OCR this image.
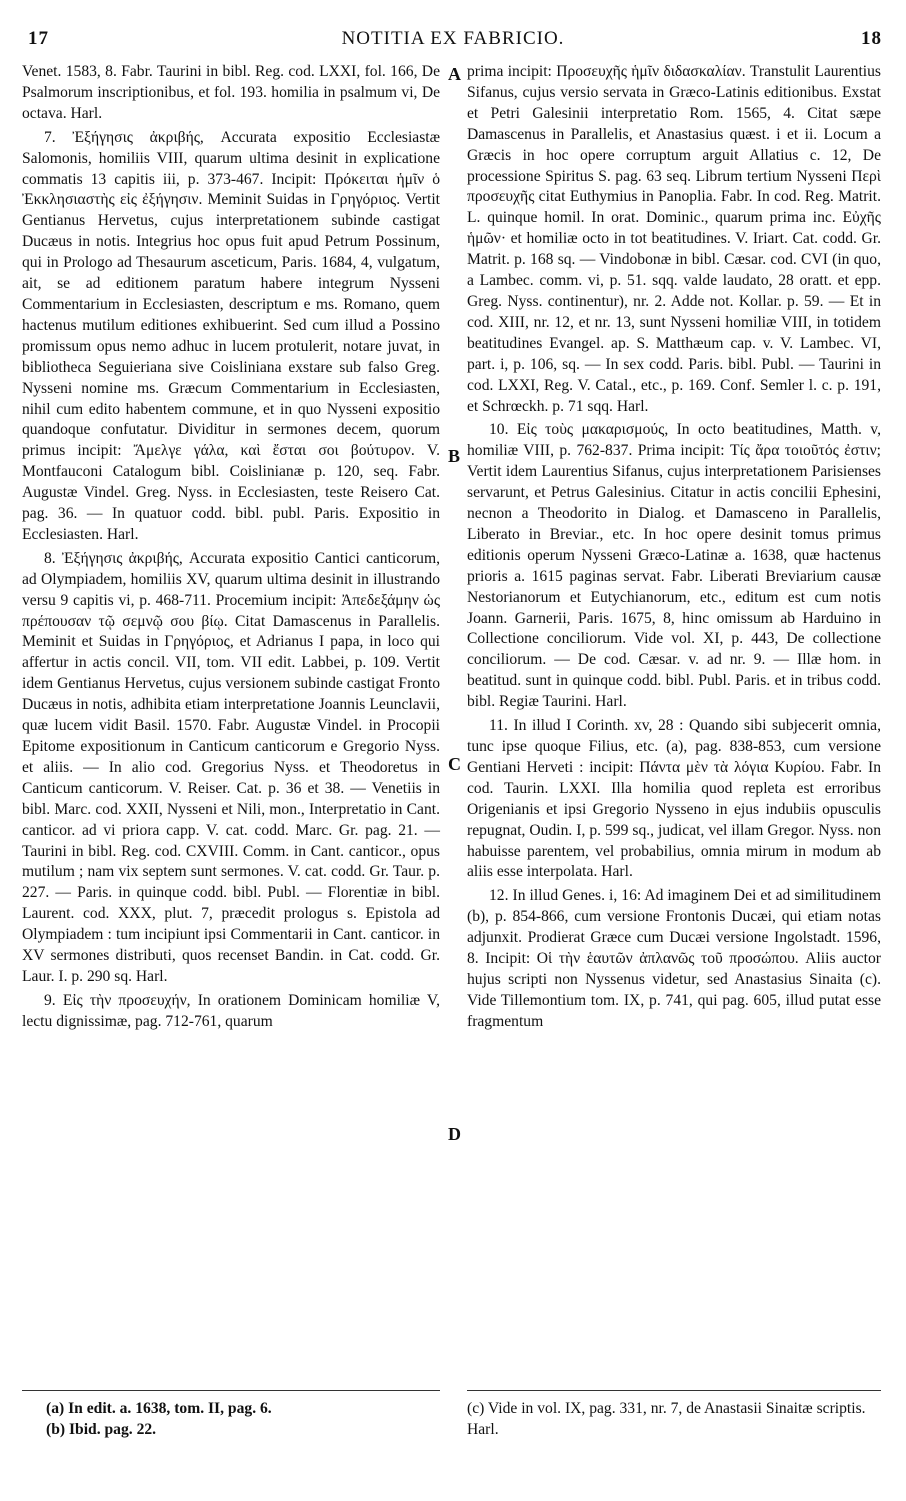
17	NOTITIA EX FABRICIO.	18

Venet. 1583, 8. Fabr. Taurini in bibl. Reg. cod. LXXI, fol. 166, De Psalmorum inscriptionibus, et fol. 193. homilia in psalmum vi, De octava. Harl.

7. Ἐξήγησις ἀκριβής, Accurata expositio Ecclesiastæ Salomonis, homiliis VIII, quarum ultima desinit in explicatione commatis 13 capitis iii, p. 373-467. Incipit: Πρόκειται ἡμῖν ὁ Ἐκκλησιαστὴς εἰς ἐξήγησιν. Meminit Suidas in Γρηγόριος. Vertit Gentianus Hervetus, cujus interpretationem subinde castigat Ducæus in notis. Integrius hoc opus fuit apud Petrum Possinum, qui in Prologo ad Thesaurum asceticum, Paris. 1684, 4, vulgatum, ait, se ad editionem paratum habere integrum Nysseni Commentarium in Ecclesiasten, descriptum e ms. Romano, quem hactenus mutilum editiones exhibuerint. Sed cum illud a Possino promissum opus nemo adhuc in lucem protulerit, notare juvat, in bibliotheca Seguieriana sive Coisliniana exstare sub falso Greg. Nysseni nomine ms. Græcum Commentarium in Ecclesiasten, nihil cum edito habentem commune, et in quo Nysseni expositio quandoque confutatur. Dividitur in sermones decem, quorum primus incipit: Ἄμελγε γάλα, καὶ ἔσται σοι βούτυρον. V. Montfauconi Catalogum bibl. Coislinianæ p. 120, seq. Fabr. Augustæ Vindel. Greg. Nyss. in Ecclesiasten, teste Reisero Cat. pag. 36. — In quatuor codd. bibl. publ. Paris. Expositio in Ecclesiasten. Harl.

8. Ἐξήγησις ἀκριβής, Accurata expositio Cantici canticorum, ad Olympiadem, homiliis XV, quarum ultima desinit in illustrando versu 9 capitis vi, p. 468-711. Procemium incipit: Ἀπεδεξάμην ὡς πρέπουσαν τῷ σεμνῷ σου βίῳ. Citat Damascenus in Parallelis. Meminit et Suidas in Γρηγόριος, et Adrianus I papa, in loco qui affertur in actis concil. VII, tom. VII edit. Labbei, p. 109. Vertit idem Gentianus Hervetus, cujus versionem subinde castigat Fronto Ducæus in notis, adhibita etiam interpretatione Joannis Leunclavii, quæ lucem vidit Basil. 1570. Fabr. Augustæ Vindel. in Procopii Epitome expositionum in Canticum canticorum e Gregorio Nyss. et aliis. — In alio cod. Gregorius Nyss. et Theodoretus in Canticum canticorum. V. Reiser. Cat. p. 36 et 38. — Venetiis in bibl. Marc. cod. XXII, Nysseni et Nili, mon., Interpretatio in Cant. canticor. ad vi priora capp. V. cat. codd. Marc. Gr. pag. 21. — Taurini in bibl. Reg. cod. CXVIII. Comm. in Cant. canticor., opus mutilum ; nam vix septem sunt sermones. V. cat. codd. Gr. Taur. p. 227. — Paris. in quinque codd. bibl. Publ. — Florentiæ in bibl. Laurent. cod. XXX, plut. 7, præcedit prologus s. Epistola ad Olympiadem : tum incipiunt ipsi Commentarii in Cant. canticor. in XV sermones distributi, quos recenset Bandin. in Cat. codd. Gr. Laur. I. p. 290 sq. Harl.

9. Εἰς τὴν προσευχήν, In orationem Dominicam homiliæ V, lectu dignissimæ, pag. 712-761, quarum

A
B
C
D

prima incipit: Προσευχῆς ἡμῖν διδασκαλίαν. Transtulit Laurentius Sifanus, cujus versio servata in Græco-Latinis editionibus. Exstat et Petri Galesinii interpretatio Rom. 1565, 4. Citat sæpe Damascenus in Parallelis, et Anastasius quæst. i et ii. Locum a Græcis in hoc opere corruptum arguit Allatius c. 12, De processione Spiritus S. pag. 63 seq. Librum tertium Nysseni Περὶ προσευχῆς citat Euthymius in Panoplia. Fabr. In cod. Reg. Matrit. L. quinque homil. In orat. Dominic., quarum prima inc. Εὐχῆς ἡμῶν· et homiliæ octo in tot beatitudines. V. Iriart. Cat. codd. Gr. Matrit. p. 168 sq. — Vindobonæ in bibl. Cæsar. cod. CVI (in quo, a Lambec. comm. vi, p. 51. sqq. valde laudato, 28 oratt. et epp. Greg. Nyss. continentur), nr. 2. Adde not. Kollar. p. 59. — Et in cod. XIII, nr. 12, et nr. 13, sunt Nysseni homiliæ VIII, in totidem beatitudines Evangel. ap. S. Matthæum cap. v. V. Lambec. VI, part. i, p. 106, sq. — In sex codd. Paris. bibl. Publ. — Taurini in cod. LXXI, Reg. V. Catal., etc., p. 169. Conf. Semler l. c. p. 191, et Schrœckh. p. 71 sqq. Harl.

10. Εἰς τοὺς μακαρισμούς, In octo beatitudines, Matth. v, homiliæ VIII, p. 762-837. Prima incipit: Τίς ἄρα τοιοῦτός ἐστιν; Vertit idem Laurentius Sifanus, cujus interpretationem Parisienses servarunt, et Petrus Galesinius. Citatur in actis concilii Ephesini, necnon a Theodorito in Dialog. et Damasceno in Parallelis, Liberato in Breviar., etc. In hoc opere desinit tomus primus editionis operum Nysseni Græco-Latinæ a. 1638, quæ hactenus prioris a. 1615 paginas servat. Fabr. Liberati Breviarium causæ Nestorianorum et Eutychianorum, etc., editum est cum notis Joann. Garnerii, Paris. 1675, 8, hinc omissum ab Harduino in Collectione conciliorum. Vide vol. XI, p. 443, De collectione conciliorum. — De cod. Cæsar. v. ad nr. 9. — Illæ hom. in beatitud. sunt in quinque codd. bibl. Publ. Paris. et in tribus codd. bibl. Regiæ Taurini. Harl.

11. In illud I Corinth. xv, 28 : Quando sibi subjecerit omnia, tunc ipse quoque Filius, etc. (a), pag. 838-853, cum versione Gentiani Herveti : incipit: Πάντα μὲν τὰ λόγια Κυρίου. Fabr. In cod. Taurin. LXXI. Illa homilia quod repleta est erroribus Origenianis et ipsi Gregorio Nysseno in ejus indubiis opusculis repugnat, Oudin. I, p. 599 sq., judicat, vel illam Gregor. Nyss. non habuisse parentem, vel probabilius, omnia mirum in modum ab aliis esse interpolata. Harl.

12. In illud Genes. i, 16: Ad imaginem Dei et ad similitudinem (b), p. 854-866, cum versione Frontonis Ducæi, qui etiam notas adjunxit. Prodierat Græce cum Ducæi versione Ingolstadt. 1596, 8. Incipit: Οἱ τὴν ἑαυτῶν ἀπλανῶς τοῦ προσώπου. Aliis auctor hujus scripti non Nyssenus videtur, sed Anastasius Sinaita (c). Vide Tillemontium tom. IX, p. 741, qui pag. 605, illud putat esse fragmentum

(a) In edit. a. 1638, tom. II, pag. 6.
(b) Ibid. pag. 22.
(c) Vide in vol. IX, pag. 331, nr. 7, de Anastasii Sinaitæ scriptis. Harl.
